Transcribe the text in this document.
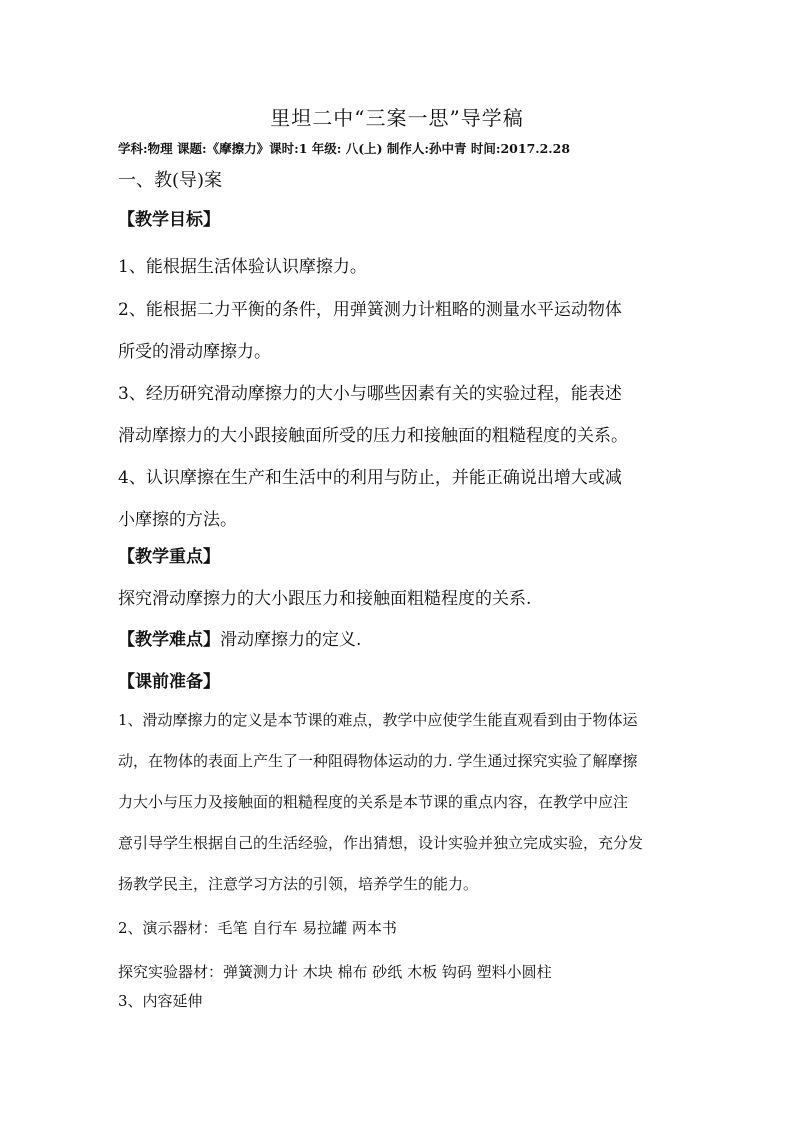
里坦二中“三案一思”导学稿
学科:物理 课题:《摩擦力》课时:1 年级: 八(上) 制作人:孙中青 时间:2017.2.28
一、教(导)案
【教学目标】
1、能根据生活体验认识摩擦力。
2、能根据二力平衡的条件，用弹簧测力计粗略的测量水平运动物体
所受的滑动摩擦力。
3、经历研究滑动摩擦力的大小与哪些因素有关的实验过程，能表述
滑动摩擦力的大小跟接触面所受的压力和接触面的粗糙程度的关系。
4、认识摩擦在生产和生活中的利用与防止，并能正确说出增大或减
小摩擦的方法。
【教学重点】
探究滑动摩擦力的大小跟压力和接触面粗糙程度的关系.
【教学难点】滑动摩擦力的定义.
【课前准备】
1、滑动摩擦力的定义是本节课的难点，教学中应使学生能直观看到由于物体运
动，在物体的表面上产生了一种阻碍物体运动的力. 学生通过探究实验了解摩擦
力大小与压力及接触面的粗糙程度的关系是本节课的重点内容，在教学中应注
意引导学生根据自己的生活经验，作出猜想，设计实验并独立完成实验，充分发
扬教学民主，注意学习方法的引领，培养学生的能力。
2、演示器材：毛笔 自行车 易拉罐 两本书
探究实验器材：弹簧测力计 木块 棉布 砂纸 木板 钩码 塑料小圆柱
3、内容延伸
